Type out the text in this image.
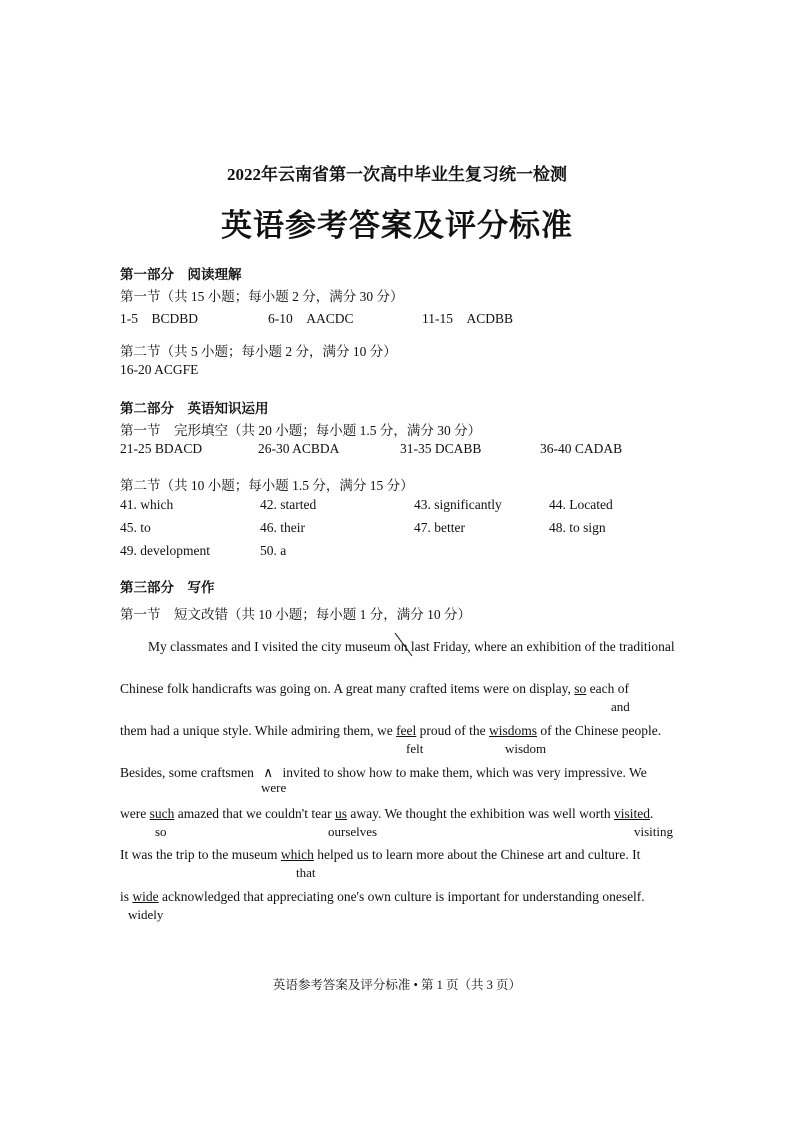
2022年云南省第一次高中毕业生复习统一检测
英语参考答案及评分标准
第一部分　阅读理解
第一节（共 15 小题；每小题 2 分，满分 30 分）
1-5　BCDBD	6-10　AACDC	11-15　ACDBB
第二节（共 5 小题；每小题 2 分，满分 10 分）
16-20 ACGFE
第二部分　英语知识运用
第一节　完形填空（共 20 小题；每小题 1.5 分，满分 30 分）
21-25 BDACD	26-30 ACBDA	31-35 DCABB	36-40 CADAB
第二节（共 10 小题；每小题 1.5 分，满分 15 分）
41. which	42. started	43. significantly	44. Located
45. to	46. their	47. better	48. to sign
49. development	50. a
第三部分　写作
第一节　短文改错（共 10 小题；每小题 1 分，满分 10 分）
My classmates and I visited the city museum on
last Friday, where an exhibition of the traditional
Chinese folk handicrafts was going on. A great many crafted items were on display, so each of
and
them had a unique style. While admiring them, we feel proud of the wisdoms of the Chinese people.
felt	wisdom
Besides, some craftsmen ∧ invited to show how to make them, which was very impressive. We
were
were such amazed that we couldn't tear us away. We thought the exhibition was well worth visited.
so	ourselves	visiting
It was the trip to the museum which helped us to learn more about the Chinese art and culture. It
that
is wide acknowledged that appreciating one's own culture is important for understanding oneself.
widely
英语参考答案及评分标准 • 第 1 页（共 3 页）
